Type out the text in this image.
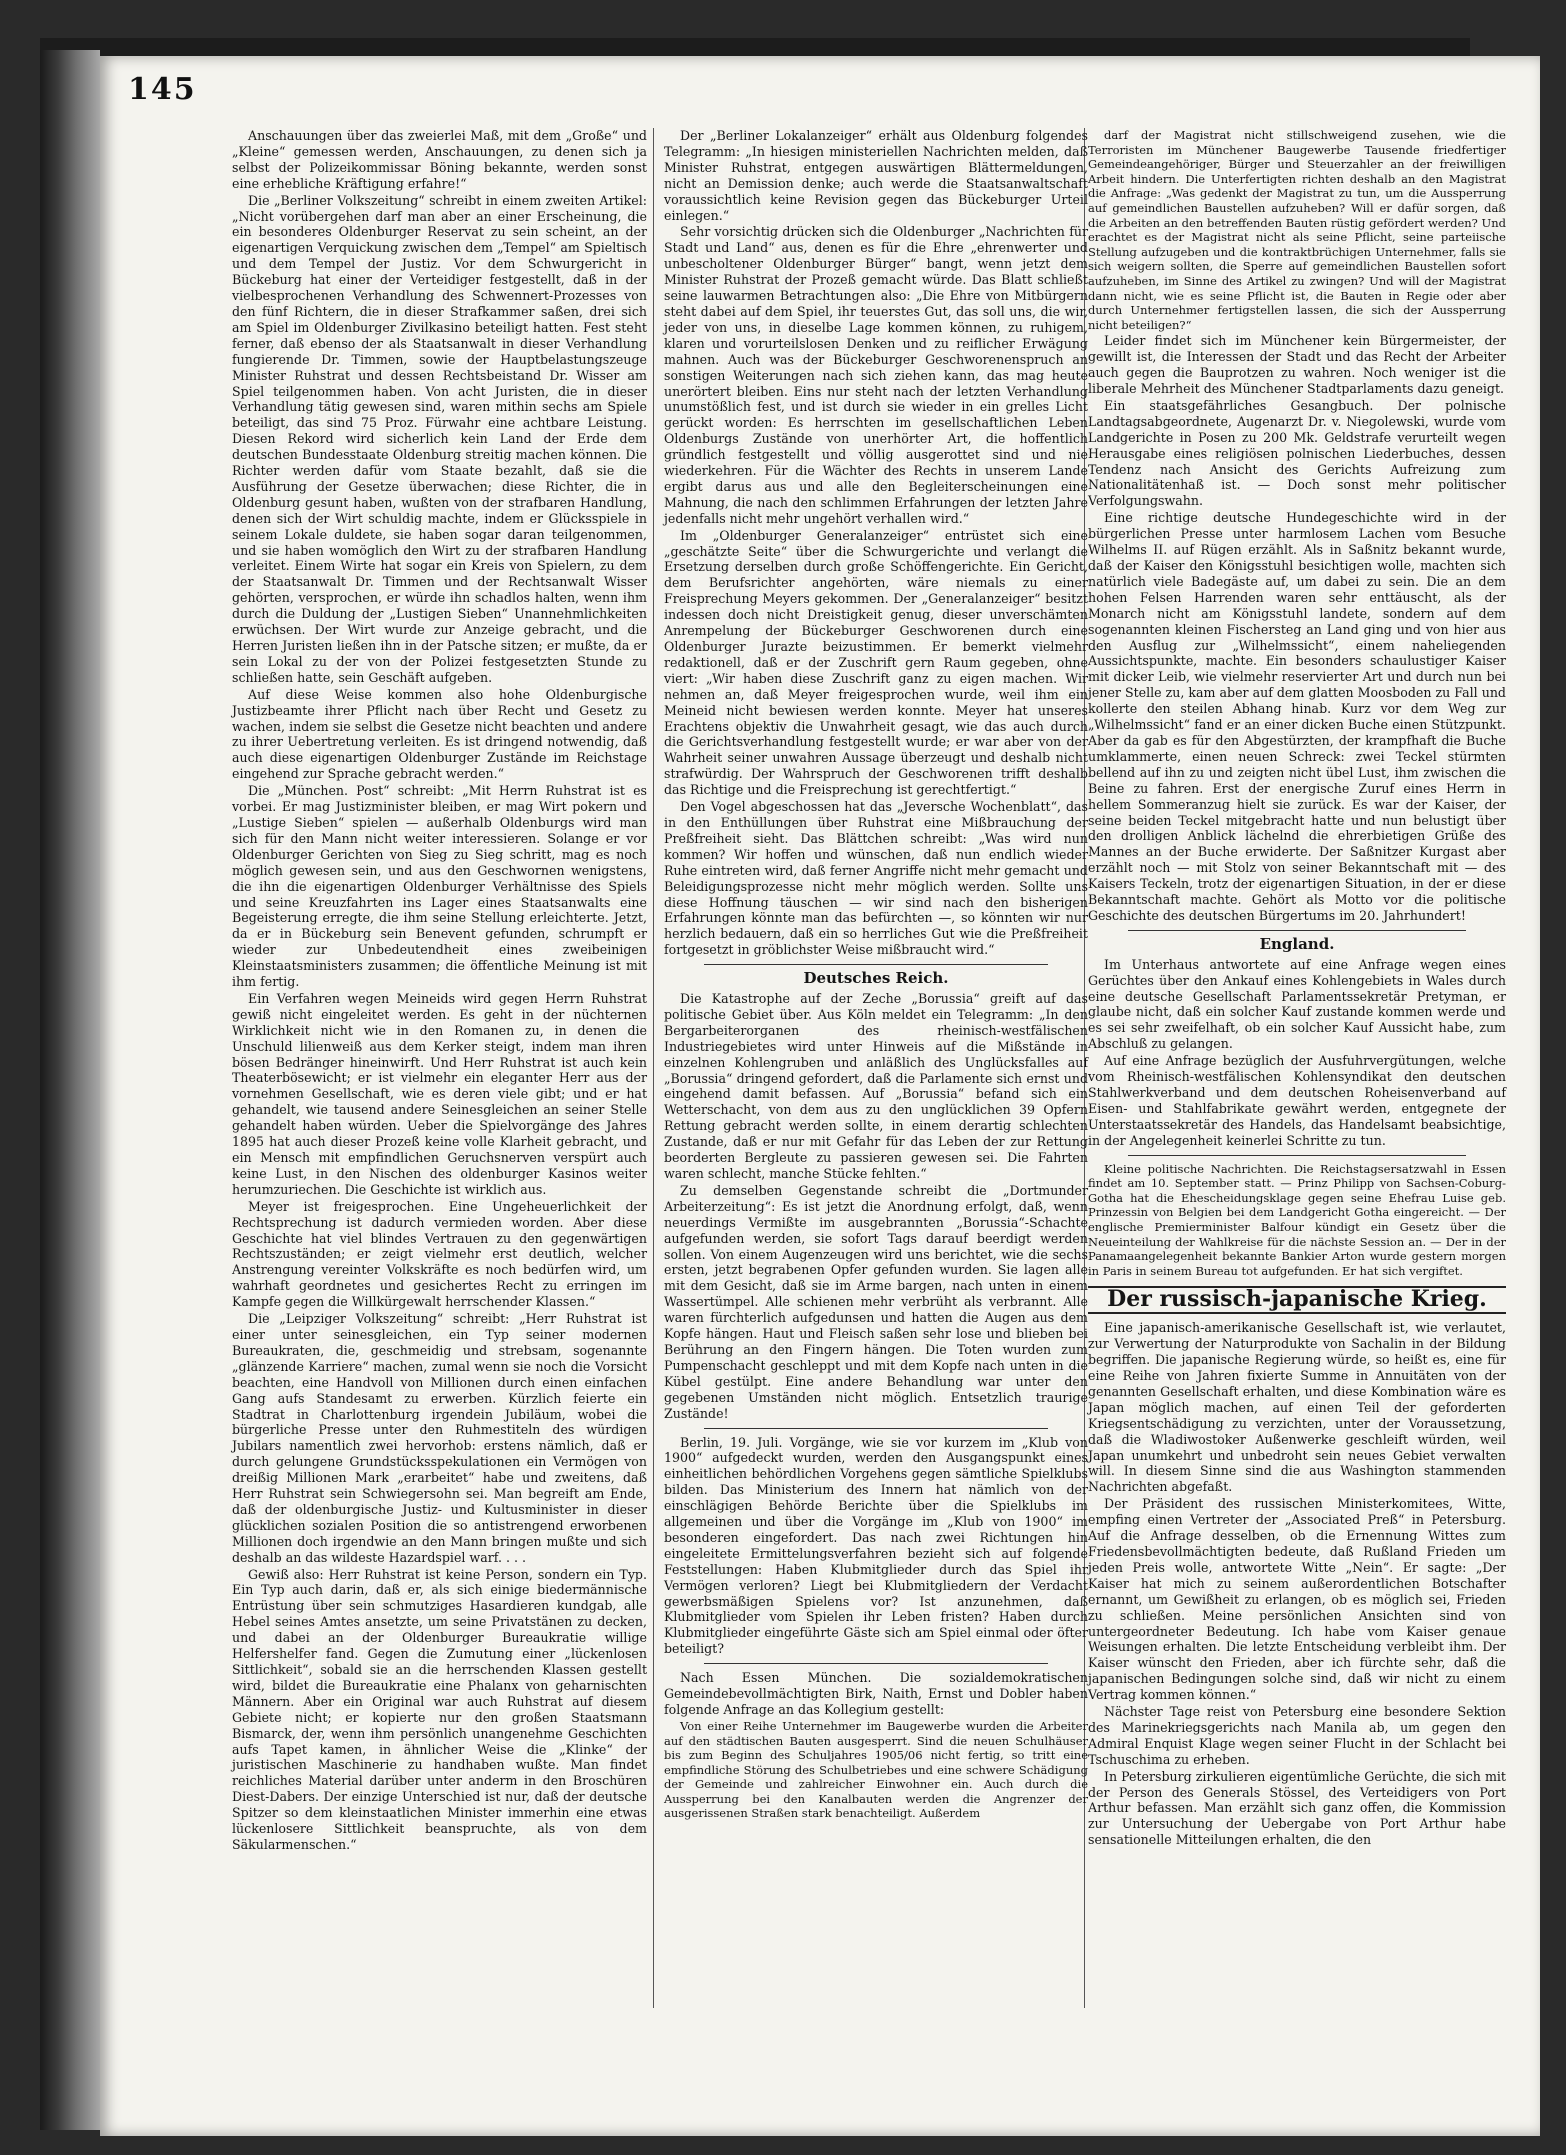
145

Anschauungen über das zweierlei Maß, mit dem „Große“ und „Kleine“ gemessen werden, Anschauungen, zu denen sich ja selbst der Polizeikommissar Böning bekannte, werden sonst eine erhebliche Kräftigung erfahre!“

Die „Berliner Volkszeitung“ schreibt in einem zweiten Artikel: „Nicht vorübergehen darf man aber an einer Erscheinung, die ein besonderes Oldenburger Reservat zu sein scheint, an der eigenartigen Verquickung zwischen dem „Tempel“ am Spieltisch und dem Tempel der Justiz. Vor dem Schwurgericht in Bückeburg hat einer der Verteidiger festgestellt, daß in der vielbesprochenen Verhandlung des Schwennert-Prozesses von den fünf Richtern, die in dieser Strafkammer saßen, drei sich am Spiel im Oldenburger Zivilkasino beteiligt hatten. Fest steht ferner, daß ebenso der als Staatsanwalt in dieser Verhandlung fungierende Dr. Timmen, sowie der Hauptbelastungszeuge Minister Ruhstrat und dessen Rechtsbeistand Dr. Wisser am Spiel teilgenommen haben. Von acht Juristen, die in dieser Verhandlung tätig gewesen sind, waren mithin sechs am Spiele beteiligt, das sind 75 Proz. Fürwahr eine achtbare Leistung. Diesen Rekord wird sicherlich kein Land der Erde dem deutschen Bundesstaate Oldenburg streitig machen können. Die Richter werden dafür vom Staate bezahlt, daß sie die Ausführung der Gesetze überwachen; diese Richter, die in Oldenburg gesunt haben, wußten von der strafbaren Handlung, denen sich der Wirt schuldig machte, indem er Glücksspiele in seinem Lokale duldete, sie haben sogar daran teilgenommen, und sie haben womöglich den Wirt zu der strafbaren Handlung verleitet. Einem Wirte hat sogar ein Kreis von Spielern, zu dem der Staatsanwalt Dr. Timmen und der Rechtsanwalt Wisser gehörten, versprochen, er würde ihn schadlos halten, wenn ihm durch die Duldung der „Lustigen Sieben“ Unannehmlichkeiten erwüchsen. Der Wirt wurde zur Anzeige gebracht, und die Herren Juristen ließen ihn in der Patsche sitzen; er mußte, da er sein Lokal zu der von der Polizei festgesetzten Stunde zu schließen hatte, sein Geschäft aufgeben.

Auf diese Weise kommen also hohe Oldenburgische Justizbeamte ihrer Pflicht nach über Recht und Gesetz zu wachen, indem sie selbst die Gesetze nicht beachten und andere zu ihrer Uebertretung verleiten. Es ist dringend notwendig, daß auch diese eigenartigen Oldenburger Zustände im Reichstage eingehend zur Sprache gebracht werden.“

Die „München. Post“ schreibt: „Mit Herrn Ruhstrat ist es vorbei. Er mag Justizminister bleiben, er mag Wirt pokern und „Lustige Sieben“ spielen — außerhalb Oldenburgs wird man sich für den Mann nicht weiter interessieren. Solange er vor Oldenburger Gerichten von Sieg zu Sieg schritt, mag es noch möglich gewesen sein, und aus den Geschwornen wenigstens, die ihn die eigenartigen Oldenburger Verhältnisse des Spiels und seine Kreuzfahrten ins Lager eines Staatsanwalts eine Begeisterung erregte, die ihm seine Stellung erleichterte. Jetzt, da er in Bückeburg sein Benevent gefunden, schrumpft er wieder zur Unbedeutendheit eines zweibeinigen Kleinstaatsministers zusammen; die öffentliche Meinung ist mit ihm fertig.

Ein Verfahren wegen Meineids wird gegen Herrn Ruhstrat gewiß nicht eingeleitet werden. Es geht in der nüchternen Wirklichkeit nicht wie in den Romanen zu, in denen die Unschuld lilienweiß aus dem Kerker steigt, indem man ihren bösen Bedränger hineinwirft. Und Herr Ruhstrat ist auch kein Theaterbösewicht; er ist vielmehr ein eleganter Herr aus der vornehmen Gesellschaft, wie es deren viele gibt; und er hat gehandelt, wie tausend andere Seinesgleichen an seiner Stelle gehandelt haben würden. Ueber die Spielvorgänge des Jahres 1895 hat auch dieser Prozeß keine volle Klarheit gebracht, und ein Mensch mit empfindlichen Geruchsnerven verspürt auch keine Lust, in den Nischen des oldenburger Kasinos weiter herumzuriechen. Die Geschichte ist wirklich aus.

Meyer ist freigesprochen. Eine Ungeheuerlichkeit der Rechtsprechung ist dadurch vermieden worden. Aber diese Geschichte hat viel blindes Vertrauen zu den gegenwärtigen Rechtszuständen; er zeigt vielmehr erst deutlich, welcher Anstrengung vereinter Volkskräfte es noch bedürfen wird, um wahrhaft geordnetes und gesichertes Recht zu erringen im Kampfe gegen die Willkürgewalt herrschender Klassen.“

Die „Leipziger Volkszeitung“ schreibt: „Herr Ruhstrat ist einer unter seinesgleichen, ein Typ seiner modernen Bureaukraten, die, geschmeidig und strebsam, sogenannte „glänzende Karriere“ machen, zumal wenn sie noch die Vorsicht beachten, eine Handvoll von Millionen durch einen einfachen Gang aufs Standesamt zu erwerben. Kürzlich feierte ein Stadtrat in Charlottenburg irgendein Jubiläum, wobei die bürgerliche Presse unter den Ruhmestiteln des würdigen Jubilars namentlich zwei hervorhob: erstens nämlich, daß er durch gelungene Grundstücksspekulationen ein Vermögen von dreißig Millionen Mark „erarbeitet“ habe und zweitens, daß Herr Ruhstrat sein Schwiegersohn sei. Man begreift am Ende, daß der oldenburgische Justiz- und Kultusminister in dieser glücklichen sozialen Position die so antistrengend erworbenen Millionen doch irgendwie an den Mann bringen mußte und sich deshalb an das wildeste Hazardspiel warf. . . .

Gewiß also: Herr Ruhstrat ist keine Person, sondern ein Typ. Ein Typ auch darin, daß er, als sich einige biedermännische Entrüstung über sein schmutziges Hasardieren kundgab, alle Hebel seines Amtes ansetzte, um seine Privatstänen zu decken, und dabei an der Oldenburger Bureaukratie willige Helfershelfer fand. Gegen die Zumutung einer „lückenlosen Sittlichkeit“, sobald sie an die herrschenden Klassen gestellt wird, bildet die Bureaukratie eine Phalanx von geharnischten Männern. Aber ein Original war auch Ruhstrat auf diesem Gebiete nicht; er kopierte nur den großen Staatsmann Bismarck, der, wenn ihm persönlich unangenehme Geschichten aufs Tapet kamen, in ähnlicher Weise die „Klinke“ der juristischen Maschinerie zu handhaben wußte. Man findet reichliches Material darüber unter anderm in den Broschüren Diest-Dabers. Der einzige Unterschied ist nur, daß der deutsche Spitzer so dem kleinstaatlichen Minister immerhin eine etwas lückenlosere Sittlichkeit beanspruchte, als von dem Säkularmenschen.“

Der „Berliner Lokalanzeiger“ erhält aus Oldenburg folgendes Telegramm: „In hiesigen ministeriellen Nachrichten melden, daß Minister Ruhstrat, entgegen auswärtigen Blättermeldungen, nicht an Demission denke; auch werde die Staatsanwaltschaft voraussichtlich keine Revision gegen das Bückeburger Urteil einlegen.“

Sehr vorsichtig drücken sich die Oldenburger „Nachrichten für Stadt und Land“ aus, denen es für die Ehre „ehrenwerter und unbescholtener Oldenburger Bürger“ bangt, wenn jetzt dem Minister Ruhstrat der Prozeß gemacht würde. Das Blatt schließt seine lauwarmen Betrachtungen also: „Die Ehre von Mitbürgern steht dabei auf dem Spiel, ihr teuerstes Gut, das soll uns, die wir, jeder von uns, in dieselbe Lage kommen können, zu ruhigem, klaren und vorurteilslosen Denken und zu reiflicher Erwägung mahnen. Auch was der Bückeburger Geschworenenspruch an sonstigen Weiterungen nach sich ziehen kann, das mag heute unerörtert bleiben. Eins nur steht nach der letzten Verhandlung unumstößlich fest, und ist durch sie wieder in ein grelles Licht gerückt worden: Es herrschten im gesellschaftlichen Leben Oldenburgs Zustände von unerhörter Art, die hoffentlich gründlich festgestellt und völlig ausgerottet sind und nie wiederkehren. Für die Wächter des Rechts in unserem Lande ergibt darus aus und alle den Begleiterscheinungen eine Mahnung, die nach den schlimmen Erfahrungen der letzten Jahre jedenfalls nicht mehr ungehört verhallen wird.“

Im „Oldenburger Generalanzeiger“ entrüstet sich eine „geschätzte Seite“ über die Schwurgerichte und verlangt die Ersetzung derselben durch große Schöffengerichte. Ein Gericht, dem Berufsrichter angehörten, wäre niemals zu einer Freisprechung Meyers gekommen. Der „Generalanzeiger“ besitzt indessen doch nicht Dreistigkeit genug, dieser unverschämten Anrempelung der Bückeburger Geschworenen durch eine Oldenburger Jurazte beizustimmen. Er bemerkt vielmehr redaktionell, daß er der Zuschrift gern Raum gegeben, ohne viert: „Wir haben diese Zuschrift ganz zu eigen machen. Wir nehmen an, daß Meyer freigesprochen wurde, weil ihm ein Meineid nicht bewiesen werden konnte. Meyer hat unseres Erachtens objektiv die Unwahrheit gesagt, wie das auch durch die Gerichtsverhandlung festgestellt wurde; er war aber von der Wahrheit seiner unwahren Aussage überzeugt und deshalb nicht strafwürdig. Der Wahrspruch der Geschworenen trifft deshalb das Richtige und die Freisprechung ist gerechtfertigt.“

Den Vogel abgeschossen hat das „Jeversche Wochenblatt“, das in den Enthüllungen über Ruhstrat eine Mißbrauchung der Preßfreiheit sieht. Das Blättchen schreibt: „Was wird nun kommen? Wir hoffen und wünschen, daß nun endlich wieder Ruhe eintreten wird, daß ferner Angriffe nicht mehr gemacht und Beleidigungsprozesse nicht mehr möglich werden. Sollte uns diese Hoffnung täuschen — wir sind nach den bisherigen Erfahrungen könnte man das befürchten —, so könnten wir nur herzlich bedauern, daß ein so herrliches Gut wie die Preßfreiheit fortgesetzt in gröblichster Weise mißbraucht wird.“

Deutsches Reich.

Die Katastrophe auf der Zeche „Borussia“ greift auf das politische Gebiet über. Aus Köln meldet ein Telegramm: „In den Bergarbeiterorganen des rheinisch-westfälischen Industriegebietes wird unter Hinweis auf die Mißstände in einzelnen Kohlengruben und anläßlich des Unglücksfalles auf „Borussia“ dringend gefordert, daß die Parlamente sich ernst und eingehend damit befassen. Auf „Borussia“ befand sich ein Wetterschacht, von dem aus zu den unglücklichen 39 Opfern Rettung gebracht werden sollte, in einem derartig schlechten Zustande, daß er nur mit Gefahr für das Leben der zur Rettung beorderten Bergleute zu passieren gewesen sei. Die Fahrten waren schlecht, manche Stücke fehlten.“

Zu demselben Gegenstande schreibt die „Dortmunder Arbeiterzeitung“: Es ist jetzt die Anordnung erfolgt, daß, wenn neuerdings Vermißte im ausgebrannten „Borussia“-Schachte aufgefunden werden, sie sofort Tags darauf beerdigt werden sollen. Von einem Augenzeugen wird uns berichtet, wie die sechs ersten, jetzt begrabenen Opfer gefunden wurden. Sie lagen alle mit dem Gesicht, daß sie im Arme bargen, nach unten in einem Wassertümpel. Alle schienen mehr verbrüht als verbrannt. Alle waren fürchterlich aufgedunsen und hatten die Augen aus dem Kopfe hängen. Haut und Fleisch saßen sehr lose und blieben bei Berührung an den Fingern hängen. Die Toten wurden zum Pumpenschacht geschleppt und mit dem Kopfe nach unten in die Kübel gestülpt. Eine andere Behandlung war unter den gegebenen Umständen nicht möglich. Entsetzlich traurige Zustände!

Berlin, 19. Juli. Vorgänge, wie sie vor kurzem im „Klub von 1900“ aufgedeckt wurden, werden den Ausgangspunkt eines einheitlichen behördlichen Vorgehens gegen sämtliche Spielklubs bilden. Das Ministerium des Innern hat nämlich von der einschlägigen Behörde Berichte über die Spielklubs im allgemeinen und über die Vorgänge im „Klub von 1900“ im besonderen eingefordert. Das nach zwei Richtungen hin eingeleitete Ermittelungsverfahren bezieht sich auf folgende Feststellungen: Haben Klubmitglieder durch das Spiel ihr Vermögen verloren? Liegt bei Klubmitgliedern der Verdacht gewerbsmäßigen Spielens vor? Ist anzunehmen, daß Klubmitglieder vom Spielen ihr Leben fristen? Haben durch Klubmitglieder eingeführte Gäste sich am Spiel einmal oder öfter beteiligt?

Nach Essen München. Die sozialdemokratischen Gemeindebevollmächtigten Birk, Naith, Ernst und Dobler haben folgende Anfrage an das Kollegium gestellt:

Von einer Reihe Unternehmer im Baugewerbe wurden die Arbeiter auf den städtischen Bauten ausgesperrt. Sind die neuen Schulhäuser bis zum Beginn des Schuljahres 1905/06 nicht fertig, so tritt eine empfindliche Störung des Schulbetriebes und eine schwere Schädigung der Gemeinde und zahlreicher Einwohner ein. Auch durch die Aussperrung bei den Kanalbauten werden die Angrenzer der ausgerissenen Straßen stark benachteiligt. Außerdem

darf der Magistrat nicht stillschweigend zusehen, wie die Terroristen im Münchener Baugewerbe Tausende friedfertiger Gemeindeangehöriger, Bürger und Steuerzahler an der freiwilligen Arbeit hindern. Die Unterfertigten richten deshalb an den Magistrat die Anfrage: „Was gedenkt der Magistrat zu tun, um die Aussperrung auf gemeindlichen Baustellen aufzuheben? Will er dafür sorgen, daß die Arbeiten an den betreffenden Bauten rüstig gefördert werden? Und erachtet es der Magistrat nicht als seine Pflicht, seine parteiische Stellung aufzugeben und die kontraktbrüchigen Unternehmer, falls sie sich weigern sollten, die Sperre auf gemeindlichen Baustellen sofort aufzuheben, im Sinne des Artikel zu zwingen? Und will der Magistrat dann nicht, wie es seine Pflicht ist, die Bauten in Regie oder aber durch Unternehmer fertigstellen lassen, die sich der Aussperrung nicht beteiligen?“

Leider findet sich im Münchener kein Bürgermeister, der gewillt ist, die Interessen der Stadt und das Recht der Arbeiter auch gegen die Bauprotzen zu wahren. Noch weniger ist die liberale Mehrheit des Münchener Stadtparlaments dazu geneigt.

Ein staatsgefährliches Gesangbuch. Der polnische Landtagsabgeordnete, Augenarzt Dr. v. Niegolewski, wurde vom Landgerichte in Posen zu 200 Mk. Geldstrafe verurteilt wegen Herausgabe eines religiösen polnischen Liederbuches, dessen Tendenz nach Ansicht des Gerichts Aufreizung zum Nationalitätenhaß ist. — Doch sonst mehr politischer Verfolgungswahn.

Eine richtige deutsche Hundegeschichte wird in der bürgerlichen Presse unter harmlosem Lachen vom Besuche Wilhelms II. auf Rügen erzählt. Als in Saßnitz bekannt wurde, daß der Kaiser den Königsstuhl besichtigen wolle, machten sich natürlich viele Badegäste auf, um dabei zu sein. Die an dem hohen Felsen Harrenden waren sehr enttäuscht, als der Monarch nicht am Königsstuhl landete, sondern auf dem sogenannten kleinen Fischersteg an Land ging und von hier aus den Ausflug zur „Wilhelmssicht“, einem naheliegenden Aussichtspunkte, machte. Ein besonders schaulustiger Kaiser mit dicker Leib, wie vielmehr reservierter Art und durch nun bei jener Stelle zu, kam aber auf dem glatten Moosboden zu Fall und kollerte den steilen Abhang hinab. Kurz vor dem Weg zur „Wilhelmssicht“ fand er an einer dicken Buche einen Stützpunkt. Aber da gab es für den Abgestürzten, der krampfhaft die Buche umklammerte, einen neuen Schreck: zwei Teckel stürmten bellend auf ihn zu und zeigten nicht übel Lust, ihm zwischen die Beine zu fahren. Erst der energische Zuruf eines Herrn in hellem Sommeranzug hielt sie zurück. Es war der Kaiser, der seine beiden Teckel mitgebracht hatte und nun belustigt über den drolligen Anblick lächelnd die ehrerbietigen Grüße des Mannes an der Buche erwiderte. Der Saßnitzer Kurgast aber erzählt noch — mit Stolz von seiner Bekanntschaft mit — des Kaisers Teckeln, trotz der eigenartigen Situation, in der er diese Bekanntschaft machte. Gehört als Motto vor die politische Geschichte des deutschen Bürgertums im 20. Jahrhundert!

England.

Im Unterhaus antwortete auf eine Anfrage wegen eines Gerüchtes über den Ankauf eines Kohlengebiets in Wales durch eine deutsche Gesellschaft Parlamentssekretär Pretyman, er glaube nicht, daß ein solcher Kauf zustande kommen werde und es sei sehr zweifelhaft, ob ein solcher Kauf Aussicht habe, zum Abschluß zu gelangen.

Auf eine Anfrage bezüglich der Ausfuhrvergütungen, welche vom Rheinisch-westfälischen Kohlensyndikat den deutschen Stahlwerkverband und dem deutschen Roheisenverband auf Eisen- und Stahlfabrikate gewährt werden, entgegnete der Unterstaatssekretär des Handels, das Handelsamt beabsichtige, in der Angelegenheit keinerlei Schritte zu tun.

Kleine politische Nachrichten. Die Reichstagsersatzwahl in Essen findet am 10. September statt. — Prinz Philipp von Sachsen-Coburg-Gotha hat die Ehescheidungsklage gegen seine Ehefrau Luise geb. Prinzessin von Belgien bei dem Landgericht Gotha eingereicht. — Der englische Premierminister Balfour kündigt ein Gesetz über die Neueinteilung der Wahlkreise für die nächste Session an. — Der in der Panamaangelegenheit bekannte Bankier Arton wurde gestern morgen in Paris in seinem Bureau tot aufgefunden. Er hat sich vergiftet.

Der russisch-japanische Krieg.

Eine japanisch-amerikanische Gesellschaft ist, wie verlautet, zur Verwertung der Naturprodukte von Sachalin in der Bildung begriffen. Die japanische Regierung würde, so heißt es, eine für eine Reihe von Jahren fixierte Summe in Annuitäten von der genannten Gesellschaft erhalten, und diese Kombination wäre es Japan möglich machen, auf einen Teil der geforderten Kriegsentschädigung zu verzichten, unter der Voraussetzung, daß die Wladiwostoker Außenwerke geschleift würden, weil Japan unumkehrt und unbedroht sein neues Gebiet verwalten will. In diesem Sinne sind die aus Washington stammenden Nachrichten abgefaßt.

Der Präsident des russischen Ministerkomitees, Witte, empfing einen Vertreter der „Associated Preß“ in Petersburg. Auf die Anfrage desselben, ob die Ernennung Wittes zum Friedensbevollmächtigten bedeute, daß Rußland Frieden um jeden Preis wolle, antwortete Witte „Nein“. Er sagte: „Der Kaiser hat mich zu seinem außerordentlichen Botschafter ernannt, um Gewißheit zu erlangen, ob es möglich sei, Frieden zu schließen. Meine persönlichen Ansichten sind von untergeordneter Bedeutung. Ich habe vom Kaiser genaue Weisungen erhalten. Die letzte Entscheidung verbleibt ihm. Der Kaiser wünscht den Frieden, aber ich fürchte sehr, daß die japanischen Bedingungen solche sind, daß wir nicht zu einem Vertrag kommen können.“

Nächster Tage reist von Petersburg eine besondere Sektion des Marinekriegsgerichts nach Manila ab, um gegen den Admiral Enquist Klage wegen seiner Flucht in der Schlacht bei Tschuschima zu erheben.

In Petersburg zirkulieren eigentümliche Gerüchte, die sich mit der Person des Generals Stössel, des Verteidigers von Port Arthur befassen. Man erzählt sich ganz offen, die Kommission zur Untersuchung der Uebergabe von Port Arthur habe sensationelle Mitteilungen erhalten, die den
